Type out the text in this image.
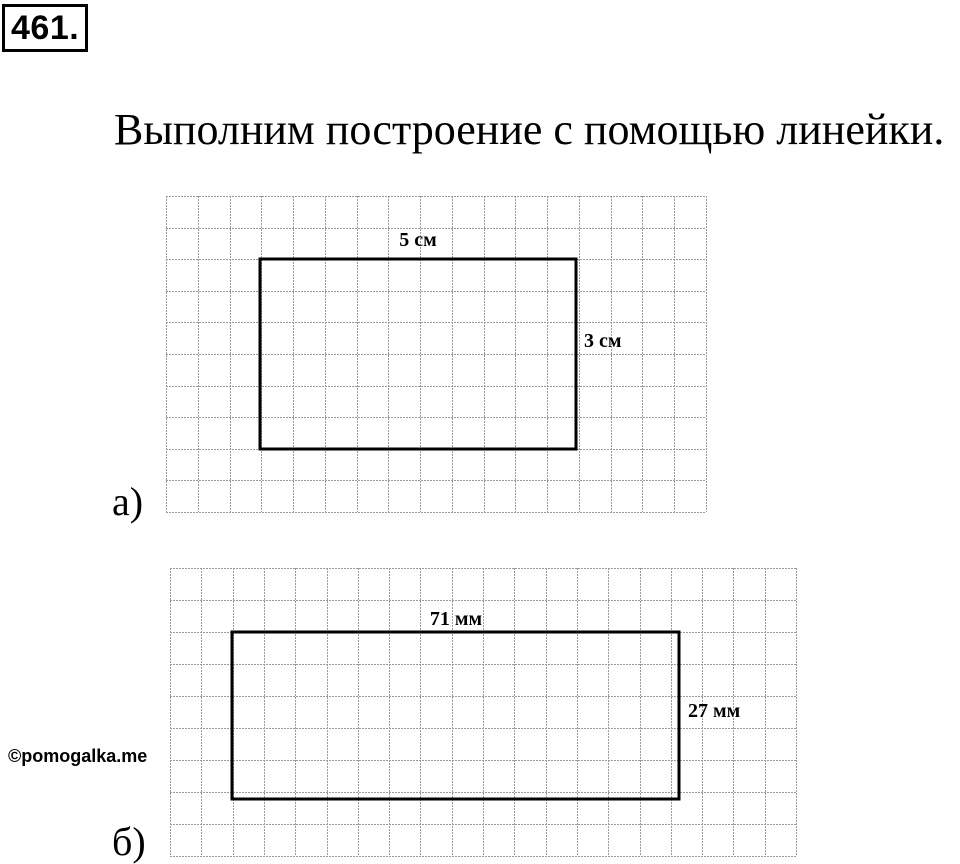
461.
Выполним построение с помощью линейки.
а)
5 см
3 см
б)
71 мм
27 мм
©pomogalka.me
